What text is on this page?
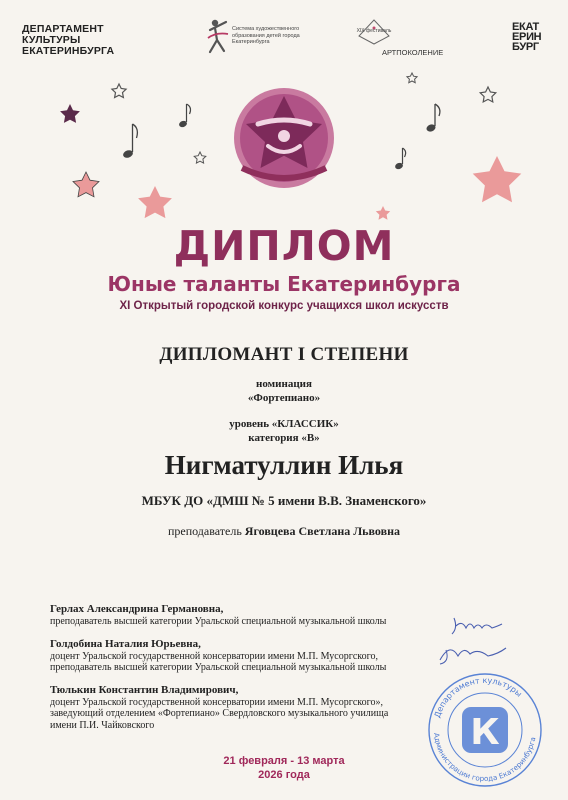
ДЕПАРТАМЕНТ
КУЛЬТУРЫ
ЕКАТЕРИНБУРГА
Система художественного образования детей города Екатеринбурга
XIX фестиваль
АРТПОКОЛЕНИЕ
ЕКАТ
ЕРИН
БУРГ
ДИПЛОМ
Юные таланты Екатеринбурга
XI Открытый городской конкурс учащихся школ искусств
ДИПЛОМАНТ I СТЕПЕНИ
номинация
«Фортепиано»
уровень «КЛАССИК»
категория «В»
Нигматуллин Илья
МБУК ДО «ДМШ № 5 имени В.В. Знаменского»
преподаватель Яговцева Светлана Львовна
Герлах Александрина Германовна,
преподаватель высшей категории Уральской специальной музыкальной школы
Голдобина Наталия Юрьевна,
доцент Уральской государственной консерватории имени М.П. Мусоргского,
преподаватель высшей категории Уральской специальной музыкальной школы
Тюлькин Константин Владимирович,
доцент Уральской государственной консерватории имени М.П. Мусоргского»,
заведующий отделением «Фортепиано» Свердловского музыкального училища
имени П.И. Чайковского
Департамент культуры
Администрации города Екатеринбурга
К
21 февраля - 13 марта
2026 года
